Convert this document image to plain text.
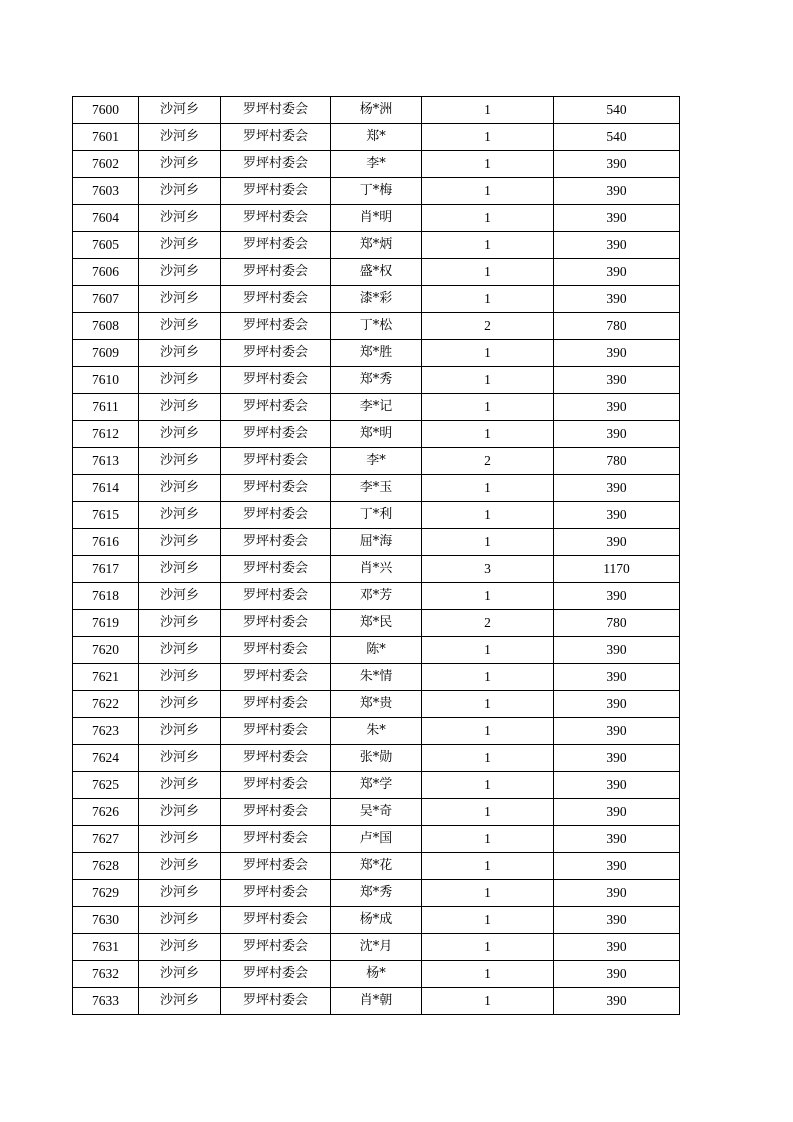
7600	沙河乡	罗坪村委会	杨*洲	1	540
7601	沙河乡	罗坪村委会	郑*	1	540
7602	沙河乡	罗坪村委会	李*	1	390
7603	沙河乡	罗坪村委会	丁*梅	1	390
7604	沙河乡	罗坪村委会	肖*明	1	390
7605	沙河乡	罗坪村委会	郑*炳	1	390
7606	沙河乡	罗坪村委会	盛*权	1	390
7607	沙河乡	罗坪村委会	漆*彩	1	390
7608	沙河乡	罗坪村委会	丁*松	2	780
7609	沙河乡	罗坪村委会	郑*胜	1	390
7610	沙河乡	罗坪村委会	郑*秀	1	390
7611	沙河乡	罗坪村委会	李*记	1	390
7612	沙河乡	罗坪村委会	郑*明	1	390
7613	沙河乡	罗坪村委会	李*	2	780
7614	沙河乡	罗坪村委会	李*玉	1	390
7615	沙河乡	罗坪村委会	丁*利	1	390
7616	沙河乡	罗坪村委会	屈*海	1	390
7617	沙河乡	罗坪村委会	肖*兴	3	1170
7618	沙河乡	罗坪村委会	邓*芳	1	390
7619	沙河乡	罗坪村委会	郑*民	2	780
7620	沙河乡	罗坪村委会	陈*	1	390
7621	沙河乡	罗坪村委会	朱*情	1	390
7622	沙河乡	罗坪村委会	郑*贵	1	390
7623	沙河乡	罗坪村委会	朱*	1	390
7624	沙河乡	罗坪村委会	张*勋	1	390
7625	沙河乡	罗坪村委会	郑*学	1	390
7626	沙河乡	罗坪村委会	吴*奇	1	390
7627	沙河乡	罗坪村委会	卢*国	1	390
7628	沙河乡	罗坪村委会	郑*花	1	390
7629	沙河乡	罗坪村委会	郑*秀	1	390
7630	沙河乡	罗坪村委会	杨*成	1	390
7631	沙河乡	罗坪村委会	沈*月	1	390
7632	沙河乡	罗坪村委会	杨*	1	390
7633	沙河乡	罗坪村委会	肖*朝	1	390
